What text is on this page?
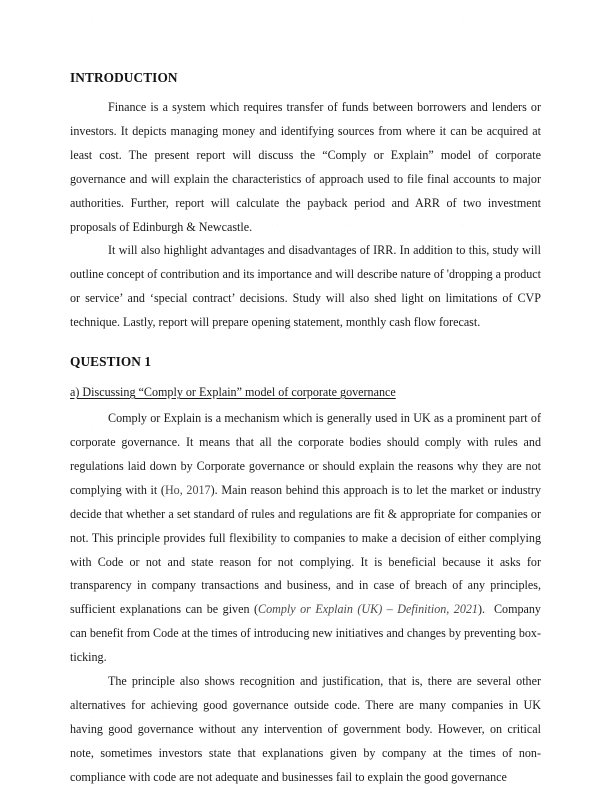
INTRODUCTION

Finance is a system which requires transfer of funds between borrowers and lenders or investors. It depicts managing money and identifying sources from where it can be acquired at least cost. The present report will discuss the “Comply or Explain” model of corporate governance and will explain the characteristics of approach used to file final accounts to major authorities. Further, report will calculate the payback period and ARR of two investment proposals of Edinburgh & Newcastle.

It will also highlight advantages and disadvantages of IRR. In addition to this, study will outline concept of contribution and its importance and will describe nature of 'dropping a product or service’ and ‘special contract’ decisions. Study will also shed light on limitations of CVP technique. Lastly, report will prepare opening statement, monthly cash flow forecast.

QUESTION 1
a) Discussing “Comply or Explain” model of corporate governance

Comply or Explain is a mechanism which is generally used in UK as a prominent part of corporate governance. It means that all the corporate bodies should comply with rules and regulations laid down by Corporate governance or should explain the reasons why they are not complying with it (Ho, 2017). Main reason behind this approach is to let the market or industry decide that whether a set standard of rules and regulations are fit & appropriate for companies or not. This principle provides full flexibility to companies to make a decision of either complying with Code or not and state reason for not complying. It is beneficial because it asks for transparency in company transactions and business, and in case of breach of any principles, sufficient explanations can be given (Comply or Explain (UK) – Definition, 2021).  Company can benefit from Code at the times of introducing new initiatives and changes by preventing box-ticking.

The principle also shows recognition and justification, that is, there are several other alternatives for achieving good governance outside code. There are many companies in UK having good governance without any intervention of government body. However, on critical note, sometimes investors state that explanations given by company at the times of non-compliance with code are not adequate and businesses fail to explain the good governance
